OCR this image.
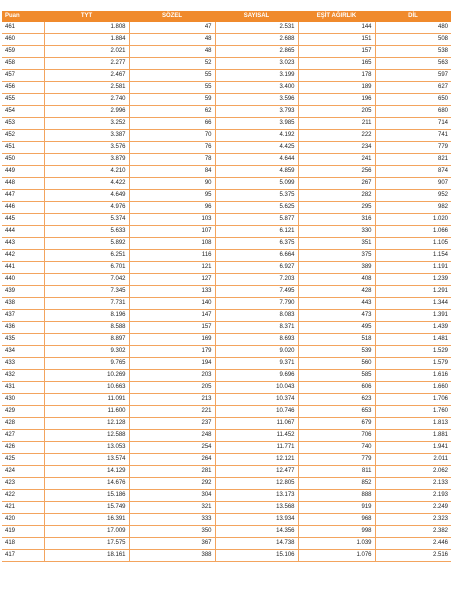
Puan	TYT	SÖZEL	SAYISAL	EŞİT AĞIRLIK	DİL
461	1.808	47	2.531	144	480
460	1.884	48	2.688	151	508
459	2.021	48	2.865	157	538
458	2.277	52	3.023	165	563
457	2.467	55	3.199	178	597
456	2.581	55	3.400	189	627
455	2.740	59	3.596	196	650
454	2.996	62	3.793	205	680
453	3.252	66	3.985	211	714
452	3.387	70	4.192	222	741
451	3.576	76	4.425	234	779
450	3.879	78	4.644	241	821
449	4.210	84	4.859	256	874
448	4.422	90	5.099	267	907
447	4.649	95	5.375	282	952
446	4.976	96	5.625	295	982
445	5.374	103	5.877	316	1.020
444	5.633	107	6.121	330	1.066
443	5.892	108	6.375	351	1.105
442	6.251	116	6.664	375	1.154
441	6.701	121	6.927	389	1.191
440	7.042	127	7.203	408	1.239
439	7.345	133	7.495	428	1.291
438	7.731	140	7.790	443	1.344
437	8.196	147	8.083	473	1.391
436	8.588	157	8.371	495	1.439
435	8.897	169	8.693	518	1.481
434	9.302	179	9.020	539	1.529
433	9.765	194	9.371	560	1.579
432	10.269	203	9.696	585	1.616
431	10.663	205	10.043	606	1.660
430	11.091	213	10.374	623	1.706
429	11.600	221	10.746	653	1.760
428	12.128	237	11.067	679	1.813
427	12.588	248	11.452	706	1.881
426	13.053	254	11.771	740	1.941
425	13.574	264	12.121	779	2.011
424	14.129	281	12.477	811	2.062
423	14.676	292	12.805	852	2.133
422	15.186	304	13.173	888	2.193
421	15.749	321	13.568	919	2.249
420	16.391	333	13.934	968	2.323
419	17.009	350	14.356	998	2.382
418	17.575	367	14.738	1.039	2.446
417	18.161	388	15.106	1.076	2.516
